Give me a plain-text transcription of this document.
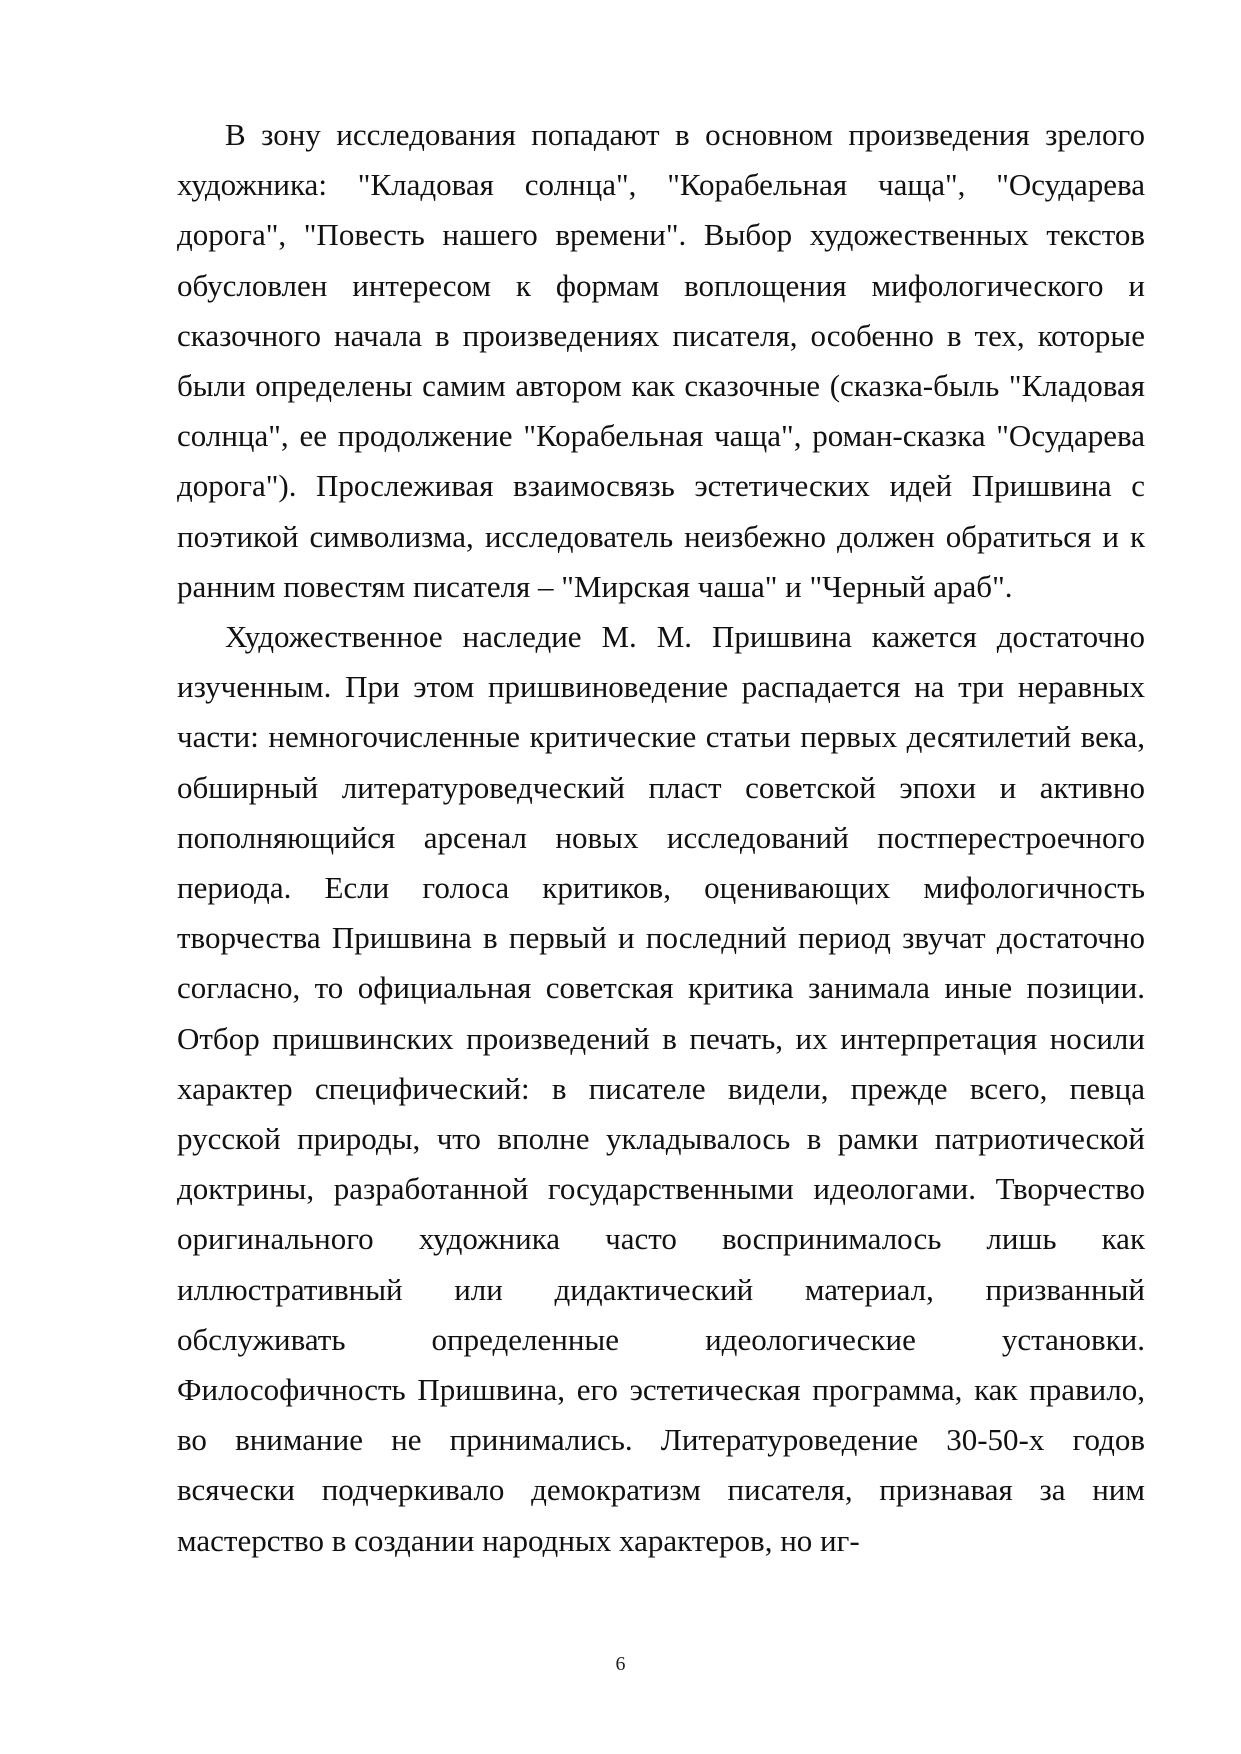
В зону исследования попадают в основном произведения зрелого художника: "Кладовая солнца", "Корабельная чаща", "Осударева дорога", "Повесть нашего времени". Выбор художественных текстов обусловлен интересом к формам воплощения мифологического и сказочного начала в произведениях писателя, особенно в тех, которые были определены самим автором как сказочные (сказка-быль "Кладовая солнца", ее продолжение "Корабельная чаща", роман-сказка "Осударева дорога"). Прослеживая взаимосвязь эстетических идей Пришвина с поэтикой символизма, исследователь неизбежно должен обратиться и к ранним повестям писателя – "Мирская чаша" и "Черный араб".

Художественное наследие М. М. Пришвина кажется достаточно изученным. При этом пришвиноведение распадается на три неравных части: немногочисленные критические статьи первых десятилетий века, обширный литературоведческий пласт советской эпохи и активно пополняющийся арсенал новых исследований постперестроечного периода. Если голоса критиков, оценивающих мифологичность творчества Пришвина в первый и последний период звучат достаточно согласно, то официальная советская критика занимала иные позиции. Отбор пришвинских произведений в печать, их интерпретация носили характер специфический: в писателе видели, прежде всего, певца русской природы, что вполне укладывалось в рамки патриотической доктрины, разработанной государственными идеологами. Творчество оригинального художника часто воспринималось лишь как иллюстративный или дидактический материал, призванный обслуживать определенные идеологические установки. Философичность Пришвина, его эстетическая программа, как правило, во внимание не принимались. Литературоведение 30-50-х годов всячески подчеркивало демократизм писателя, признавая за ним мастерство в создании народных характеров, но иг-

6
